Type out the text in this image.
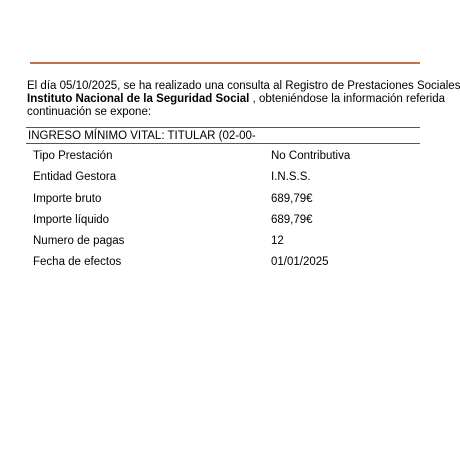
El día 05/10/2025, se ha realizado una consulta al Registro de Prestaciones Sociales
Instituto Nacional de la Seguridad Social , obteniéndose la información referida
continuación se expone:
INGRESO MÍNIMO VITAL: TITULAR (02-00-
Tipo Prestación	No Contributiva
Entidad Gestora	I.N.S.S.
Importe bruto	689,79€
Importe líquido	689,79€
Numero de pagas	12
Fecha de efectos	01/01/2025
